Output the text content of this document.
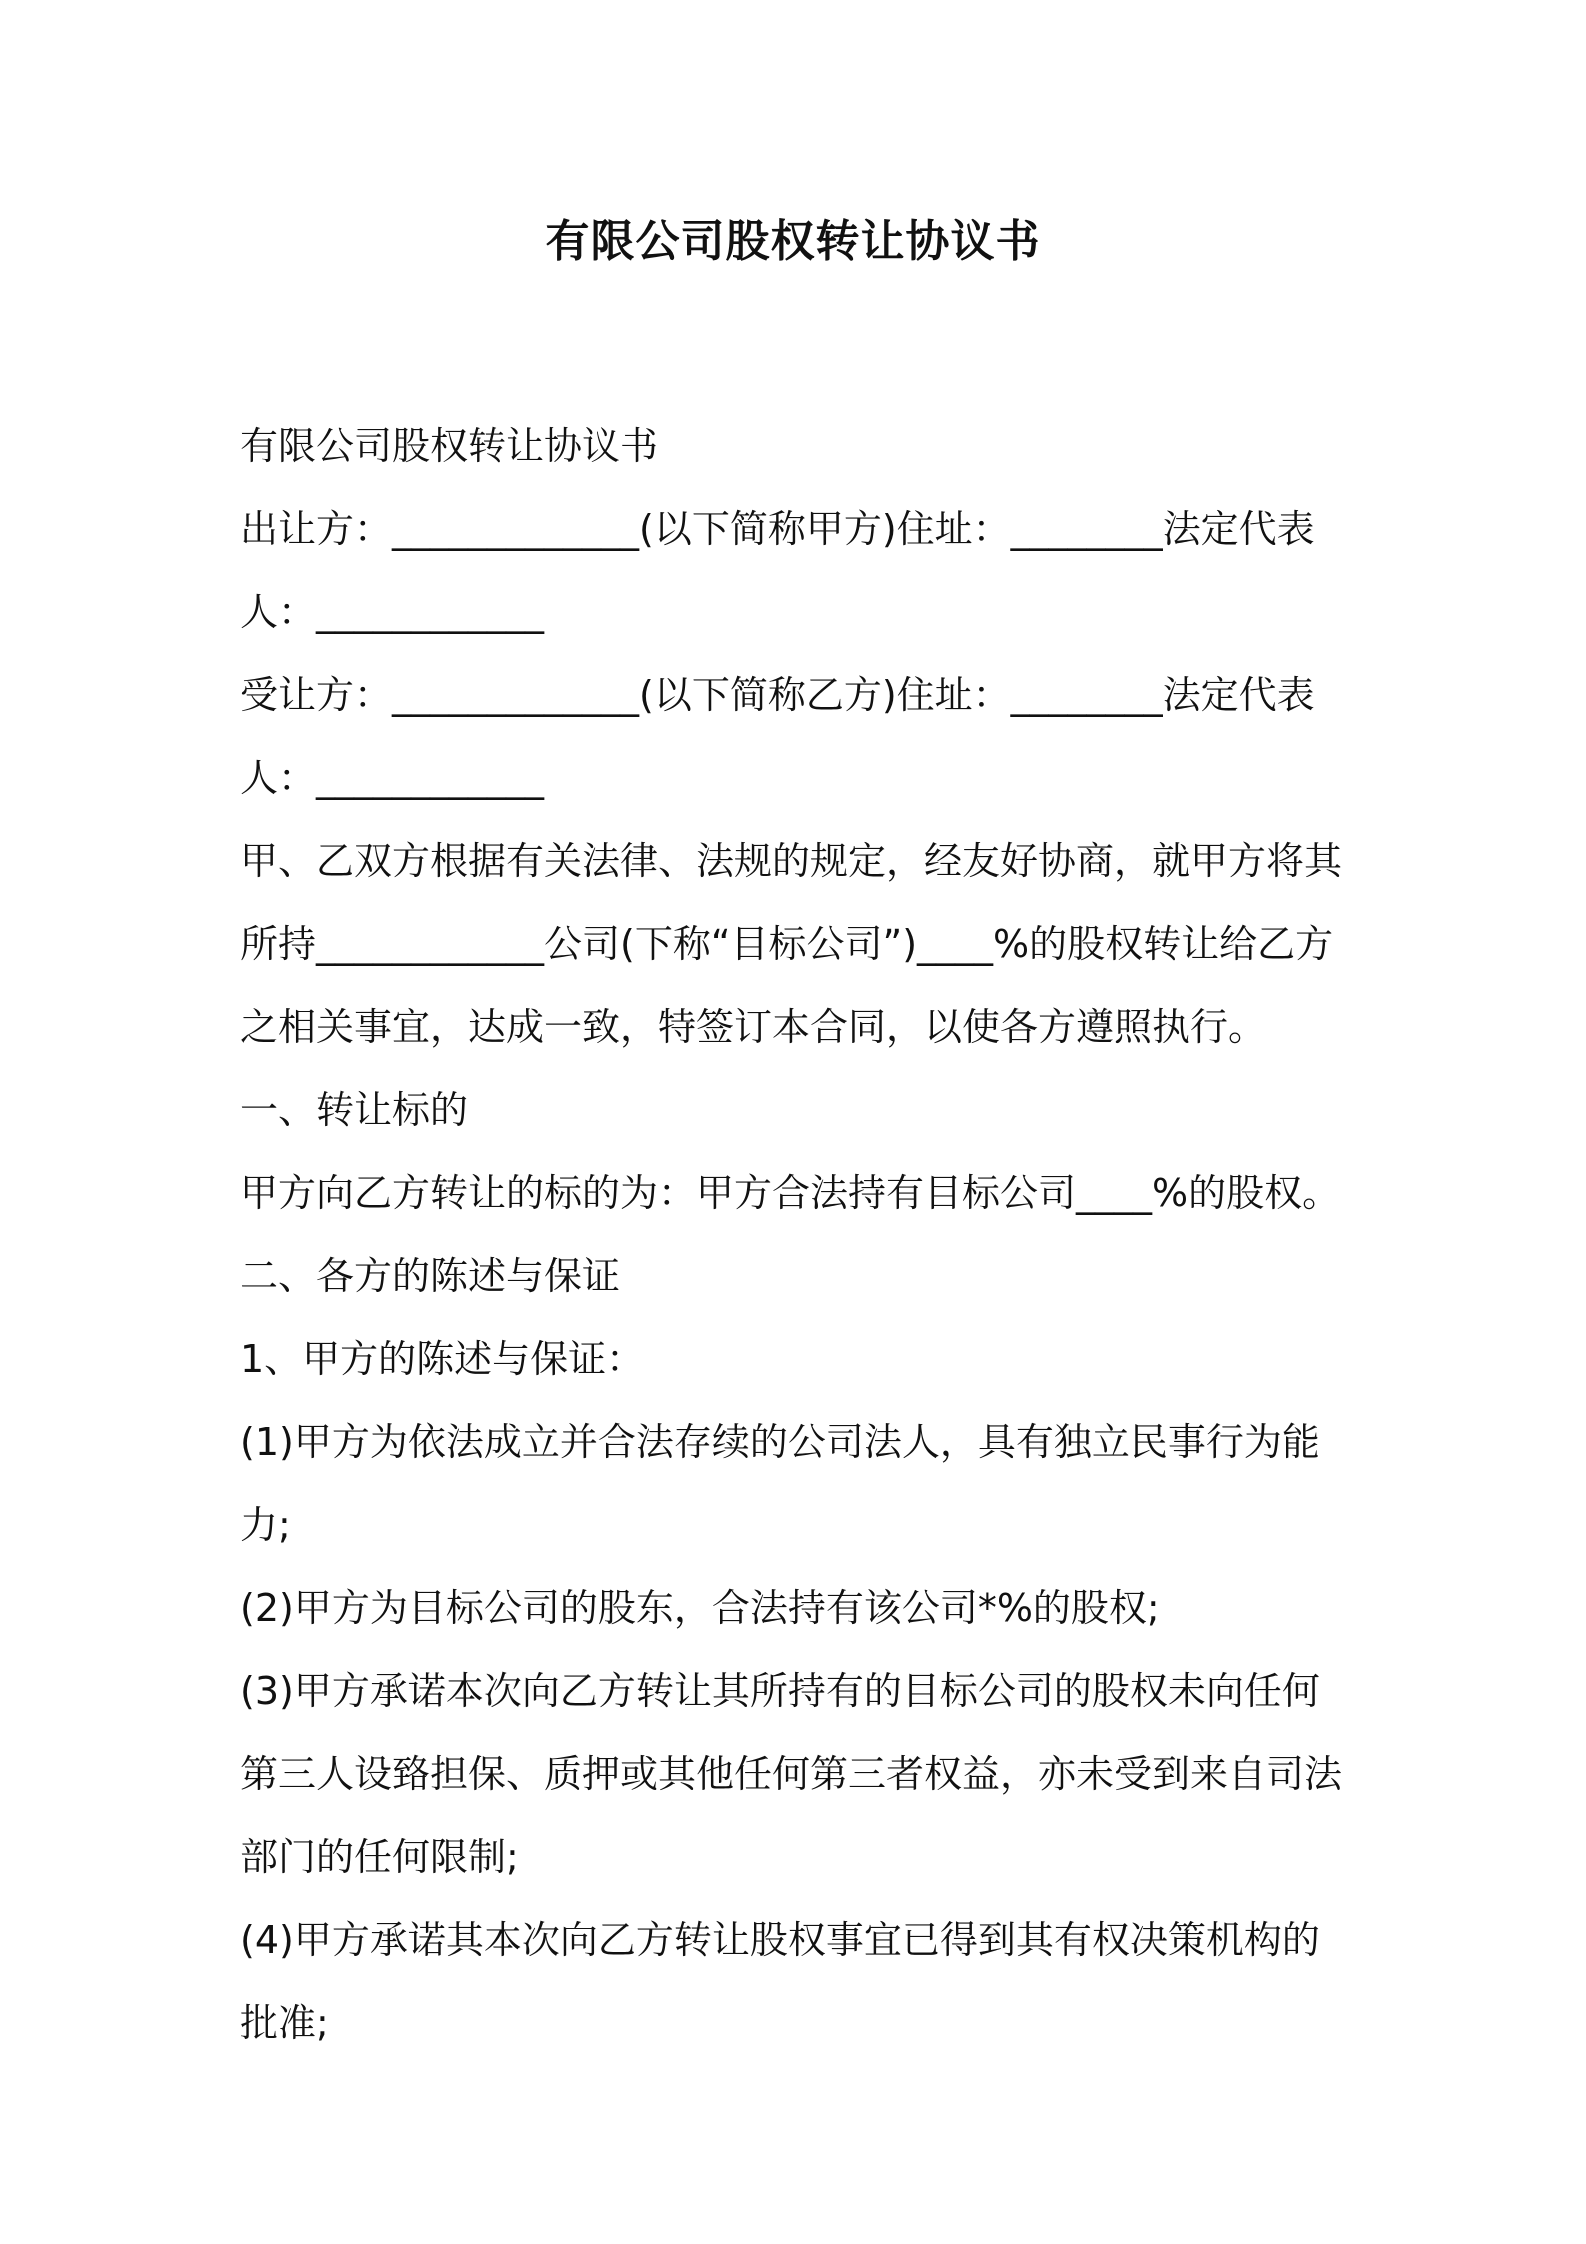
有限公司股权转让协议书

有限公司股权转让协议书

出让方：_____________(以下简称甲方)住址：________法定代表人：____________

受让方：_____________(以下简称乙方)住址：________法定代表人：____________

甲、乙双方根据有关法律、法规的规定，经友好协商，就甲方将其所持____________公司(下称“目标公司”)____%的股权转让给乙方之相关事宜，达成一致，特签订本合同，以使各方遵照执行。

一、转让标的

甲方向乙方转让的标的为：甲方合法持有目标公司____%的股权。

二、各方的陈述与保证

1、甲方的陈述与保证：

(1)甲方为依法成立并合法存续的公司法人，具有独立民事行为能力;

(2)甲方为目标公司的股东，合法持有该公司*%的股权;

(3)甲方承诺本次向乙方转让其所持有的目标公司的股权未向任何第三人设臵担保、质押或其他任何第三者权益，亦未受到来自司法部门的任何限制;

(4)甲方承诺其本次向乙方转让股权事宜已得到其有权决策机构的批准;
